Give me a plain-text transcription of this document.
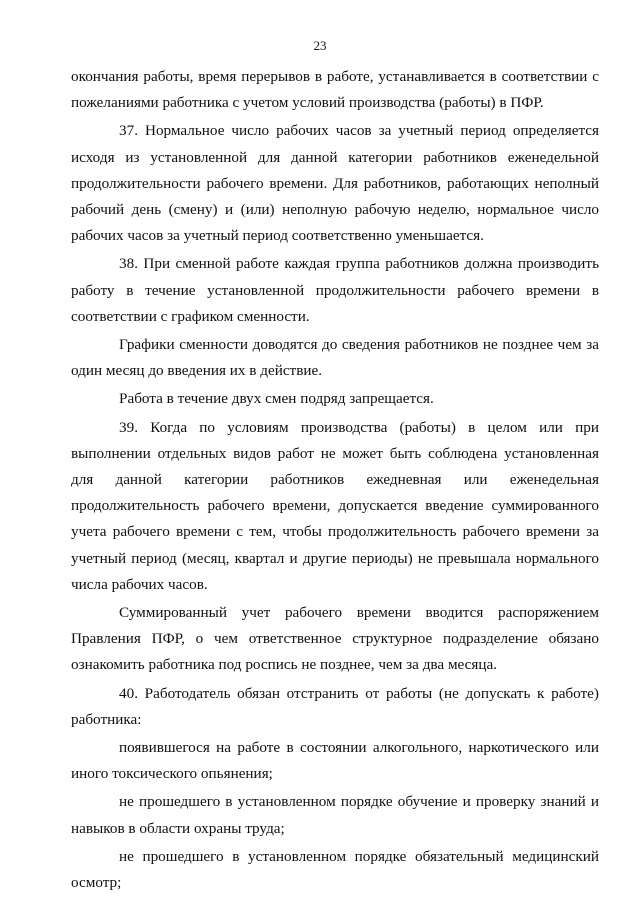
23

окончания работы, время перерывов в работе, устанавливается в соответствии с пожеланиями работника с учетом условий производства (работы) в ПФР.

37. Нормальное число рабочих часов за учетный период определяется исходя из установленной для данной категории работников еженедельной продолжительности рабочего времени. Для работников, работающих неполный рабочий день (смену) и (или) неполную рабочую неделю, нормальное число рабочих часов за учетный период соответственно уменьшается.

38. При сменной работе каждая группа работников должна производить работу в течение установленной продолжительности рабочего времени в соответствии с графиком сменности.

Графики сменности доводятся до сведения работников не позднее чем за один месяц до введения их в действие.

Работа в течение двух смен подряд запрещается.

39. Когда по условиям производства (работы) в целом или при выполнении отдельных видов работ не может быть соблюдена установленная для данной категории работников ежедневная или еженедельная продолжительность рабочего времени, допускается введение суммированного учета рабочего времени с тем, чтобы продолжительность рабочего времени за учетный период (месяц, квартал и другие периоды) не превышала нормального числа рабочих часов.

Суммированный учет рабочего времени вводится распоряжением Правления ПФР, о чем ответственное структурное подразделение обязано ознакомить работника под роспись не позднее, чем за два месяца.

40. Работодатель обязан отстранить от работы (не допускать к работе) работника:

появившегося на работе в состоянии алкогольного, наркотического или иного токсического опьянения;

не прошедшего в установленном порядке обучение и проверку знаний и навыков в области охраны труда;

не прошедшего в установленном порядке обязательный медицинский осмотр;
